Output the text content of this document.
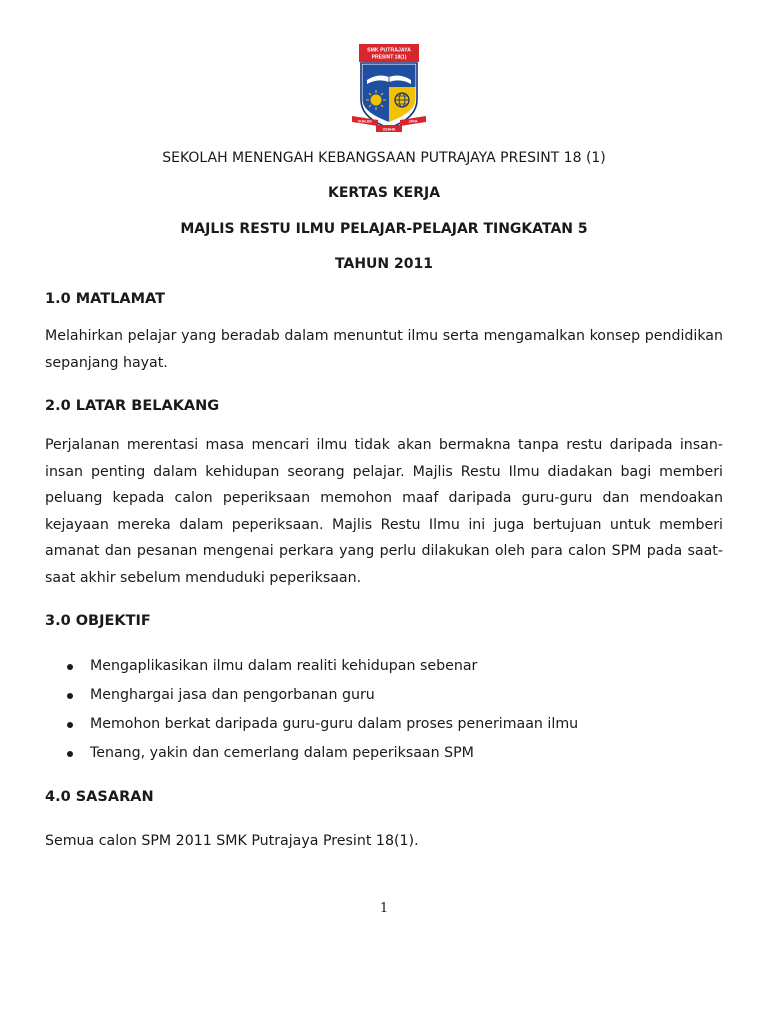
SMK PUTRAJAYA
PRESINT 18(1)
IKHLAS	JAYA
USAHA
SEKOLAH MENENGAH KEBANGSAAN PUTRAJAYA PRESINT 18 (1)
KERTAS KERJA
MAJLIS RESTU ILMU PELAJAR-PELAJAR TINGKATAN 5
TAHUN 2011
1.0 MATLAMAT
Melahirkan pelajar yang beradab dalam menuntut ilmu serta mengamalkan konsep pendidikan sepanjang hayat.
2.0 LATAR BELAKANG
Perjalanan merentasi masa mencari ilmu tidak akan bermakna tanpa restu daripada insan-insan penting dalam kehidupan seorang pelajar. Majlis Restu Ilmu diadakan bagi memberi peluang kepada calon peperiksaan memohon maaf daripada guru-guru dan mendoakan kejayaan mereka dalam peperiksaan. Majlis Restu Ilmu ini juga bertujuan untuk memberi amanat dan pesanan mengenai perkara yang perlu dilakukan oleh para calon SPM pada saat-saat akhir sebelum menduduki peperiksaan.
3.0 OBJEKTIF
Mengaplikasikan ilmu dalam realiti kehidupan sebenar
Menghargai jasa dan pengorbanan guru
Memohon berkat daripada guru-guru dalam proses penerimaan ilmu
Tenang, yakin dan cemerlang dalam peperiksaan SPM
4.0 SASARAN
Semua calon SPM 2011 SMK Putrajaya Presint 18(1).
1
